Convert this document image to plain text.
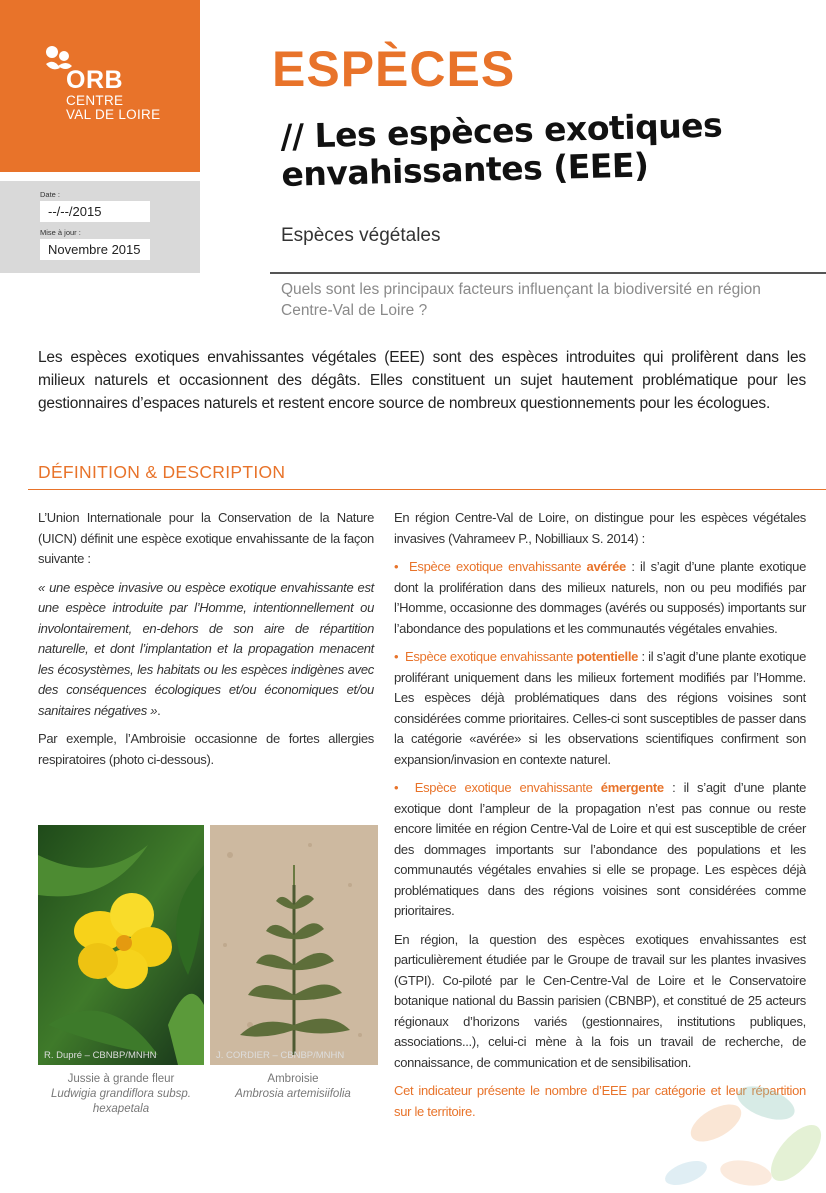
ORB
CENTRE
VAL DE LOIRE
Date :
--/--/2015
Mise à jour :
Novembre 2015
ESPÈCES
// Les espèces exotiques
envahissantes (EEE)
Espèces végétales
Quels sont les principaux facteurs influençant la biodiversité en région Centre-Val de Loire ?
Les espèces exotiques envahissantes végétales (EEE) sont des espèces introduites qui prolifèrent dans les milieux naturels et occasionnent des dégâts. Elles constituent un sujet hautement problématique pour les gestionnaires d’espaces naturels et restent encore source de nombreux questionnements pour les écologues.
DÉFINITION & DESCRIPTION

L’Union Internationale pour la Conservation de la Nature (UICN) définit une espèce exotique envahissante de la façon suivante :

« une espèce invasive ou espèce exotique envahissante est une espèce introduite par l’Homme, intentionnellement ou involontairement, en-dehors de son aire de répartition naturelle, et dont l’implantation et la propagation menacent les écosystèmes, les habitats ou les espèces indigènes avec des conséquences écologiques et/ou économiques et/ou sanitaires négatives ».

Par exemple, l’Ambroisie occasionne de fortes allergies respiratoires (photo ci-dessous).

R. Dupré – CBNBP/MNHN	J. CORDIER – CBNBP/MNHN
Jussie à grande fleur
Ludwigia grandiflora subsp. hexapetala
Ambroisie
Ambrosia artemisiifolia

En région Centre-Val de Loire, on distingue pour les espèces végétales invasives (Vahrameev P., Nobilliaux S. 2014) :

•  Espèce exotique envahissante avérée : il s’agit d’une plante exotique dont la prolifération dans des milieux naturels, non ou peu modifiés par l’Homme, occasionne des dommages (avérés ou supposés) importants sur l’abondance des populations et les communautés végétales envahies.

•  Espèce exotique envahissante potentielle : il s’agit d’une plante exotique proliférant uniquement dans les milieux fortement modifiés par l’Homme. Les espèces déjà problématiques dans des régions voisines sont considérées comme prioritaires. Celles-ci sont susceptibles de passer dans la catégorie «avérée» si les observations scientifiques confirment son expansion/invasion en contexte naturel.

•  Espèce exotique envahissante émergente : il s’agit d’une plante exotique dont l’ampleur de la propagation n’est pas connue ou reste encore limitée en région Centre-Val de Loire et qui est susceptible de créer des dommages importants sur l’abondance des populations et les communautés végétales envahies si elle se propage. Les espèces déjà problématiques dans des régions voisines sont considérées comme prioritaires.

En région, la question des espèces exotiques envahissantes est particulièrement étudiée par le Groupe de travail sur les plantes invasives (GTPI). Co-piloté par le Cen-Centre-Val de Loire et le Conservatoire botanique national du Bassin parisien (CBNBP), et constitué de 25 acteurs régionaux d’horizons variés (gestionnaires, institutions publiques, associations...), celui-ci mène à la fois un travail de recherche, de connaissance, de communication et de sensibilisation.

Cet indicateur présente le nombre d’EEE par catégorie et leur répartition sur le territoire.
